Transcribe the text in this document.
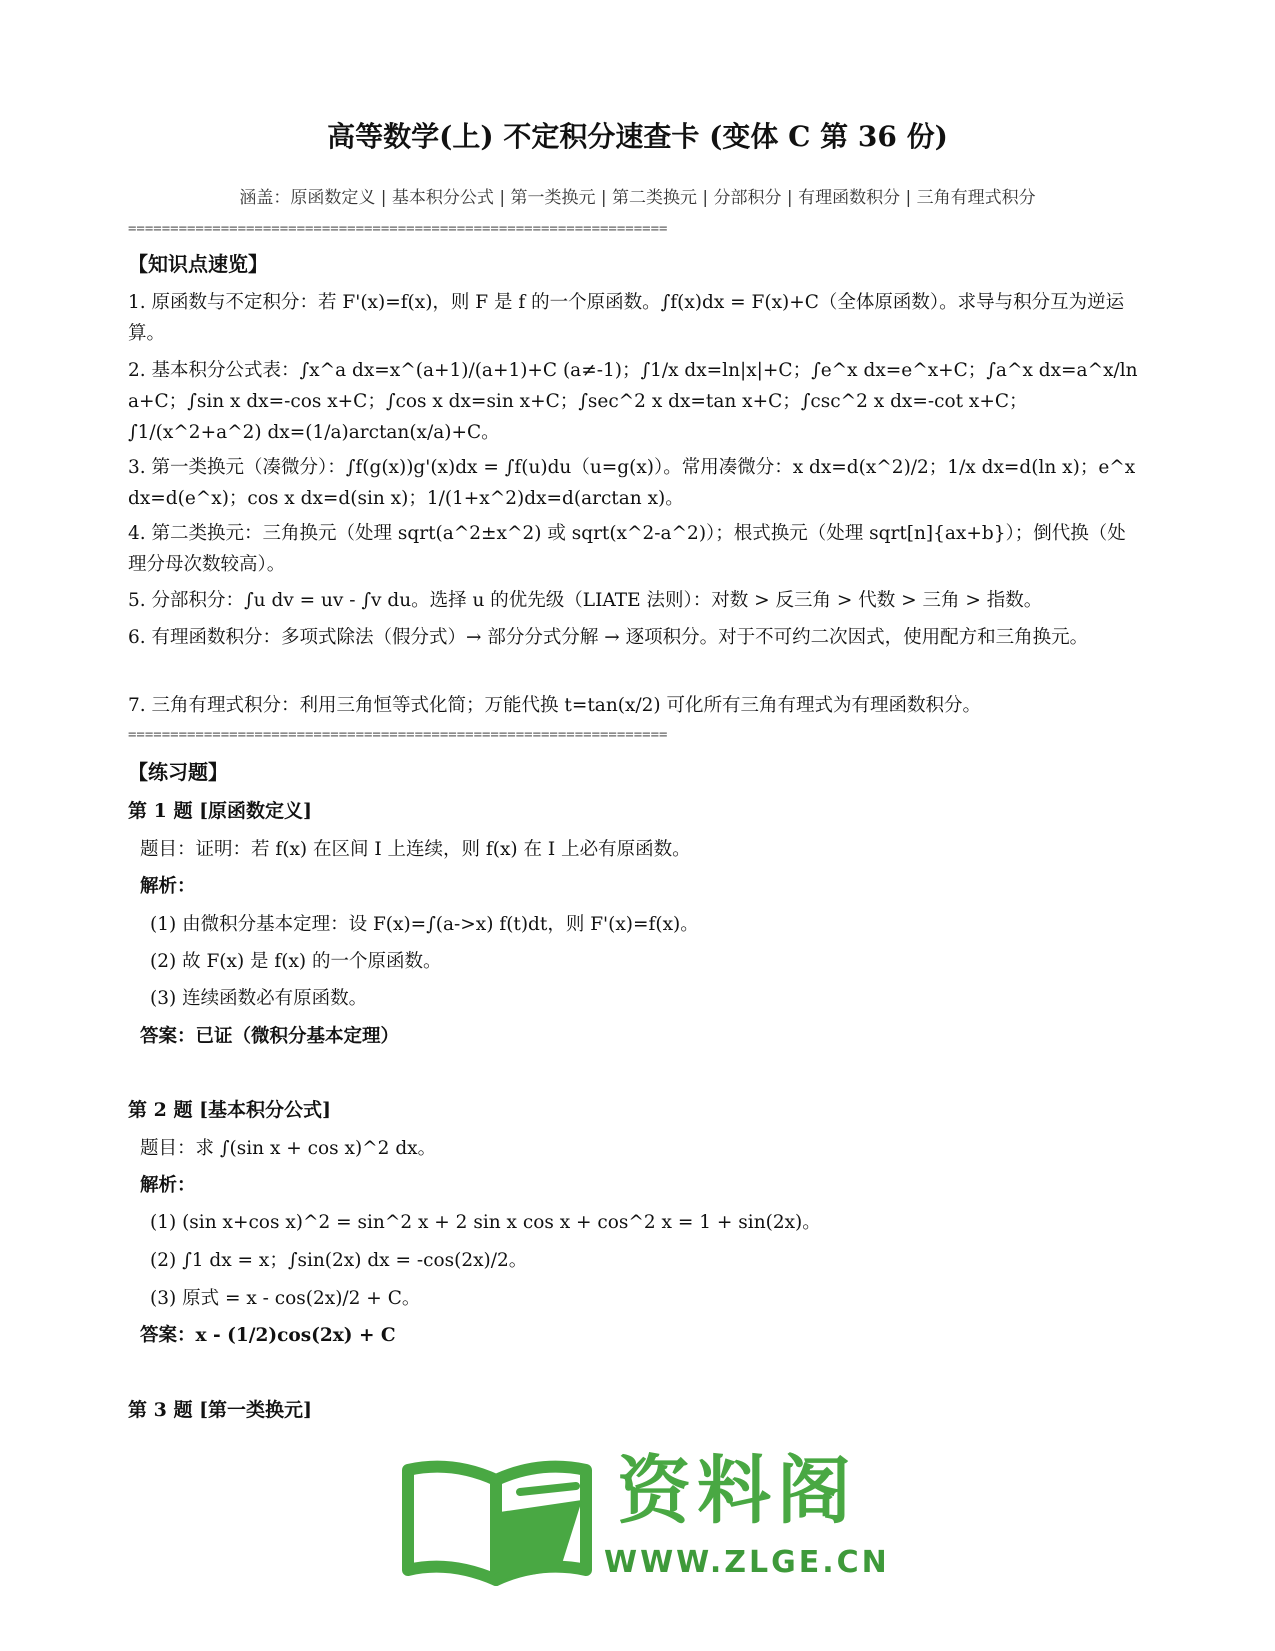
高等数学(上) 不定积分速查卡 (变体 C 第 36 份)
涵盖：原函数定义 | 基本积分公式 | 第一类换元 | 第二类换元 | 分部积分 | 有理函数积分 | 三角有理式积分
================================================================
【知识点速览】
1. 原函数与不定积分：若 F'(x)=f(x)，则 F 是 f 的一个原函数。∫f(x)dx = F(x)+C（全体原函数）。求导与积分互为逆运算。
2. 基本积分公式表：∫x^a dx=x^(a+1)/(a+1)+C (a≠-1)；∫1/x dx=ln|x|+C；∫e^x dx=e^x+C；∫a^x dx=a^x/ln a+C；∫sin x dx=-cos x+C；∫cos x dx=sin x+C；∫sec^2 x dx=tan x+C；∫csc^2 x dx=-cot x+C；∫1/(x^2+a^2) dx=(1/a)arctan(x/a)+C。
3. 第一类换元（凑微分）：∫f(g(x))g'(x)dx = ∫f(u)du（u=g(x)）。常用凑微分：x dx=d(x^2)/2；1/x dx=d(ln x)；e^x dx=d(e^x)；cos x dx=d(sin x)；1/(1+x^2)dx=d(arctan x)。
4. 第二类换元：三角换元（处理 sqrt(a^2±x^2) 或 sqrt(x^2-a^2)）；根式换元（处理 sqrt[n]{ax+b}）；倒代换（处理分母次数较高）。
5. 分部积分：∫u dv = uv - ∫v du。选择 u 的优先级（LIATE 法则）：对数 > 反三角 > 代数 > 三角 > 指数。
6. 有理函数积分：多项式除法（假分式）→ 部分分式分解 → 逐项积分。对于不可约二次因式，使用配方和三角换元。
7. 三角有理式积分：利用三角恒等式化简；万能代换 t=tan(x/2) 可化所有三角有理式为有理函数积分。
================================================================
【练习题】
第 1 题 [原函数定义]
题目：证明：若 f(x) 在区间 I 上连续，则 f(x) 在 I 上必有原函数。
解析：
(1) 由微积分基本定理：设 F(x)=∫(a->x) f(t)dt，则 F'(x)=f(x)。
(2) 故 F(x) 是 f(x) 的一个原函数。
(3) 连续函数必有原函数。
答案：已证（微积分基本定理）
第 2 题 [基本积分公式]
题目：求 ∫(sin x + cos x)^2 dx。
解析：
(1) (sin x+cos x)^2 = sin^2 x + 2 sin x cos x + cos^2 x = 1 + sin(2x)。
(2) ∫1 dx = x；∫sin(2x) dx = -cos(2x)/2。
(3) 原式 = x - cos(2x)/2 + C。
答案：x - (1/2)cos(2x) + C
第 3 题 [第一类换元]
资料阁
WWW.ZLGE.CN
